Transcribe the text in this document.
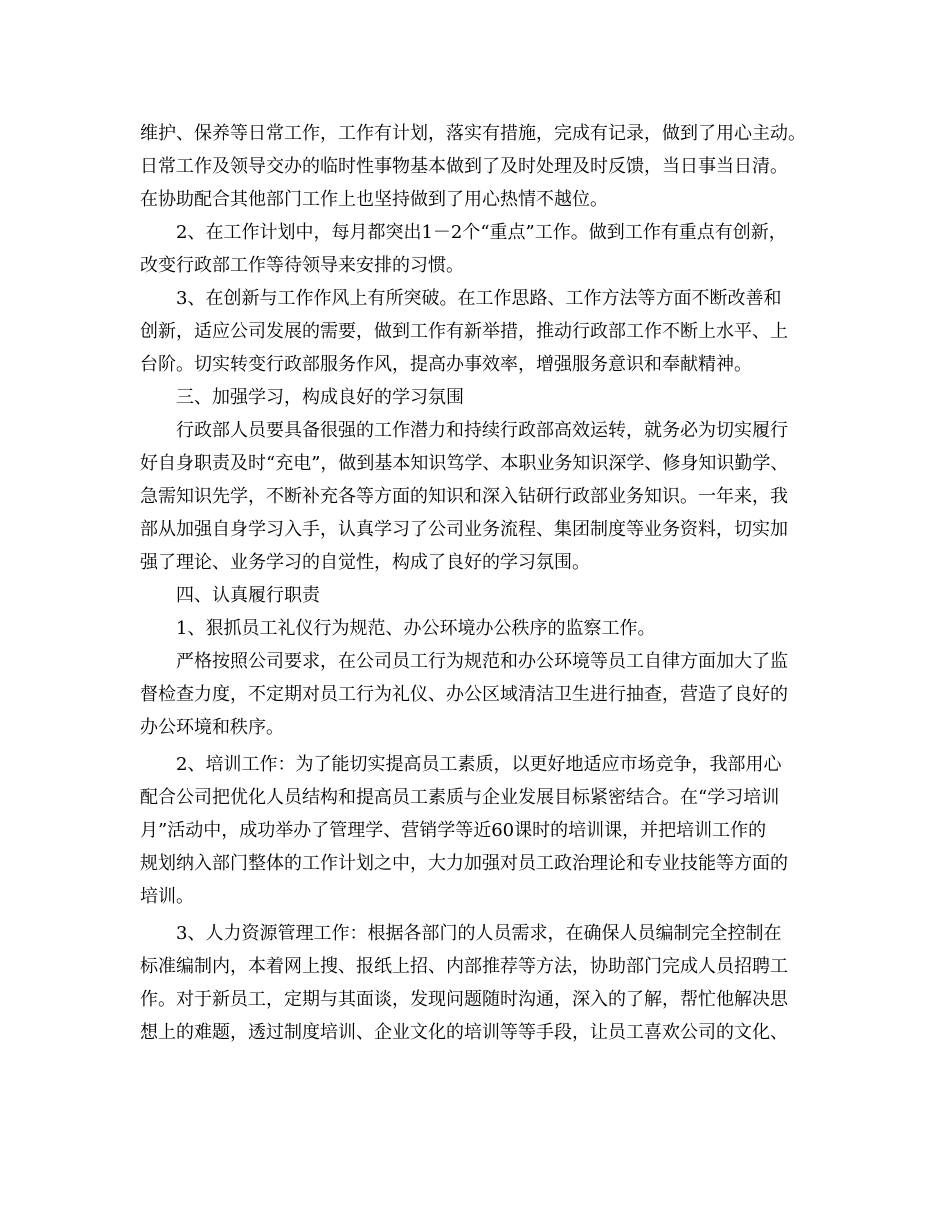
维护、保养等日常工作，工作有计划，落实有措施，完成有记录，做到了用心主动。
日常工作及领导交办的临时性事物基本做到了及时处理及时反馈，当日事当日清。
在协助配合其他部门工作上也坚持做到了用心热情不越位。
2、在工作计划中，每月都突出1－2个“重点”工作。做到工作有重点有创新，
改变行政部工作等待领导来安排的习惯。
3、在创新与工作作风上有所突破。在工作思路、工作方法等方面不断改善和
创新，适应公司发展的需要，做到工作有新举措，推动行政部工作不断上水平、上
台阶。切实转变行政部服务作风，提高办事效率，增强服务意识和奉献精神。
三、加强学习，构成良好的学习氛围
行政部人员要具备很强的工作潜力和持续行政部高效运转，就务必为切实履行
好自身职责及时“充电”，做到基本知识笃学、本职业务知识深学、修身知识勤学、
急需知识先学，不断补充各等方面的知识和深入钻研行政部业务知识。一年来，我
部从加强自身学习入手，认真学习了公司业务流程、集团制度等业务资料，切实加
强了理论、业务学习的自觉性，构成了良好的学习氛围。
四、认真履行职责
1、狠抓员工礼仪行为规范、办公环境办公秩序的监察工作。
严格按照公司要求，在公司员工行为规范和办公环境等员工自律方面加大了监
督检查力度，不定期对员工行为礼仪、办公区域清洁卫生进行抽查，营造了良好的
办公环境和秩序。
2、培训工作：为了能切实提高员工素质，以更好地适应市场竞争，我部用心
配合公司把优化人员结构和提高员工素质与企业发展目标紧密结合。在“学习培训
月”活动中，成功举办了管理学、营销学等近60课时的培训课，并把培训工作的
规划纳入部门整体的工作计划之中，大力加强对员工政治理论和专业技能等方面的
培训。
3、人力资源管理工作：根据各部门的人员需求，在确保人员编制完全控制在
标准编制内，本着网上搜、报纸上招、内部推荐等方法，协助部门完成人员招聘工
作。对于新员工，定期与其面谈，发现问题随时沟通，深入的了解，帮忙他解决思
想上的难题，透过制度培训、企业文化的培训等等手段，让员工喜欢公司的文化、
